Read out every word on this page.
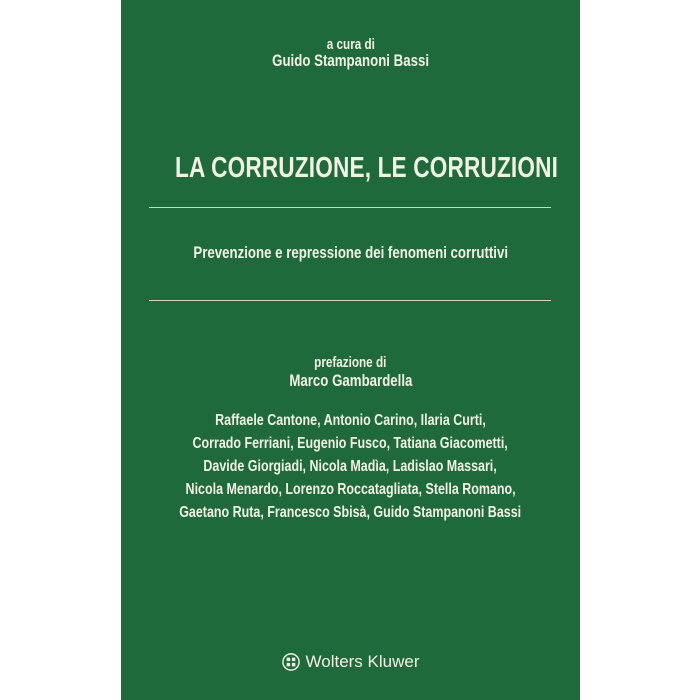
a cura di
Guido Stampanoni Bassi
LA CORRUZIONE, LE CORRUZIONI
Prevenzione e repressione dei fenomeni corruttivi
prefazione di
Marco Gambardella
Raffaele Cantone, Antonio Carino, Ilaria Curti,
Corrado Ferriani, Eugenio Fusco, Tatiana Giacometti,
Davide Giorgiadi, Nicola Madìa, Ladislao Massari,
Nicola Menardo, Lorenzo Roccatagliata, Stella Romano,
Gaetano Ruta, Francesco Sbisà, Guido Stampanoni Bassi
Wolters Kluwer
